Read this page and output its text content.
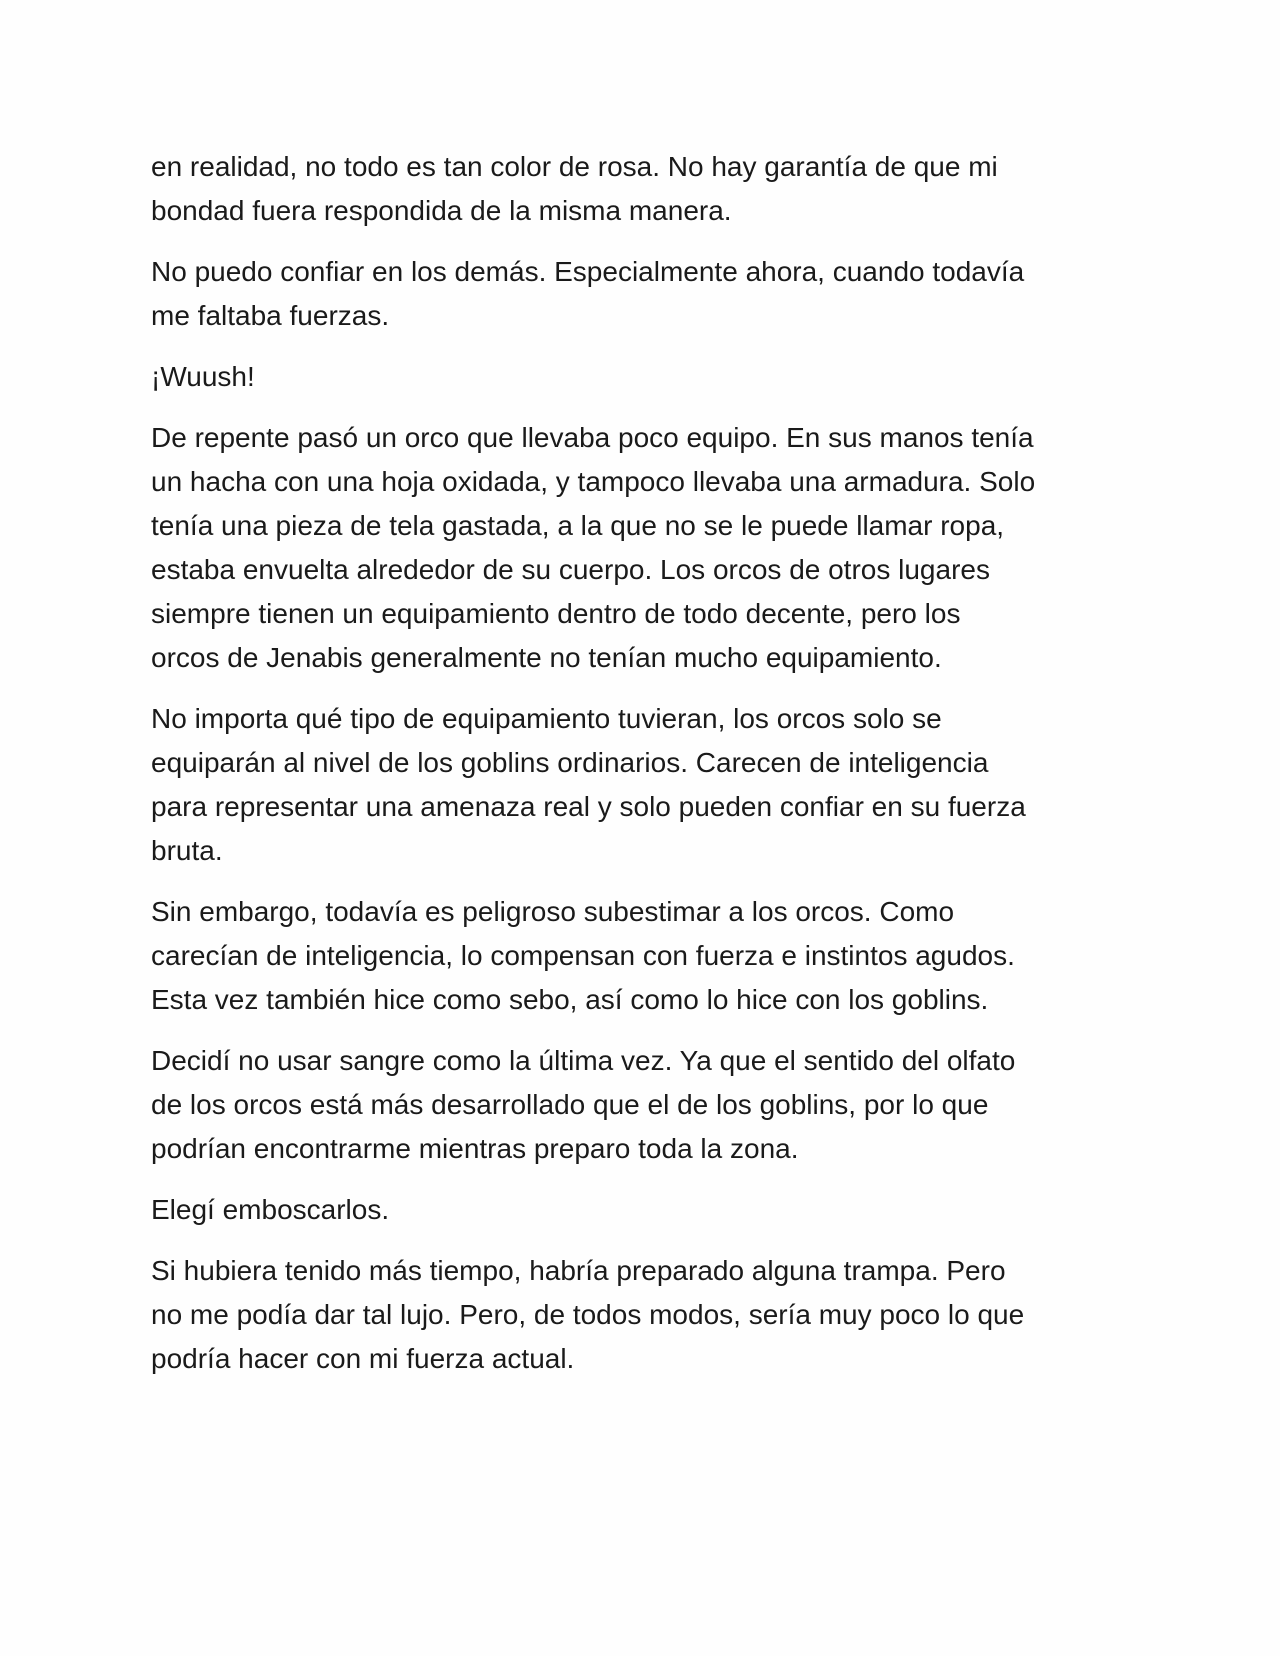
en realidad, no todo es tan color de rosa. No hay garantía de que mi
bondad fuera respondida de la misma manera.

No puedo confiar en los demás. Especialmente ahora, cuando todavía
me faltaba fuerzas.

¡Wuush!

De repente pasó un orco que llevaba poco equipo. En sus manos tenía
un hacha con una hoja oxidada, y tampoco llevaba una armadura. Solo
tenía una pieza de tela gastada, a la que no se le puede llamar ropa,
estaba envuelta alrededor de su cuerpo. Los orcos de otros lugares
siempre tienen un equipamiento dentro de todo decente, pero los
orcos de Jenabis generalmente no tenían mucho equipamiento.

No importa qué tipo de equipamiento tuvieran, los orcos solo se
equiparán al nivel de los goblins ordinarios. Carecen de inteligencia
para representar una amenaza real y solo pueden confiar en su fuerza
bruta.

Sin embargo, todavía es peligroso subestimar a los orcos. Como
carecían de inteligencia, lo compensan con fuerza e instintos agudos.
Esta vez también hice como sebo, así como lo hice con los goblins.

Decidí no usar sangre como la última vez. Ya que el sentido del olfato
de los orcos está más desarrollado que el de los goblins, por lo que
podrían encontrarme mientras preparo toda la zona.

Elegí emboscarlos.

Si hubiera tenido más tiempo, habría preparado alguna trampa. Pero
no me podía dar tal lujo. Pero, de todos modos, sería muy poco lo que
podría hacer con mi fuerza actual.
